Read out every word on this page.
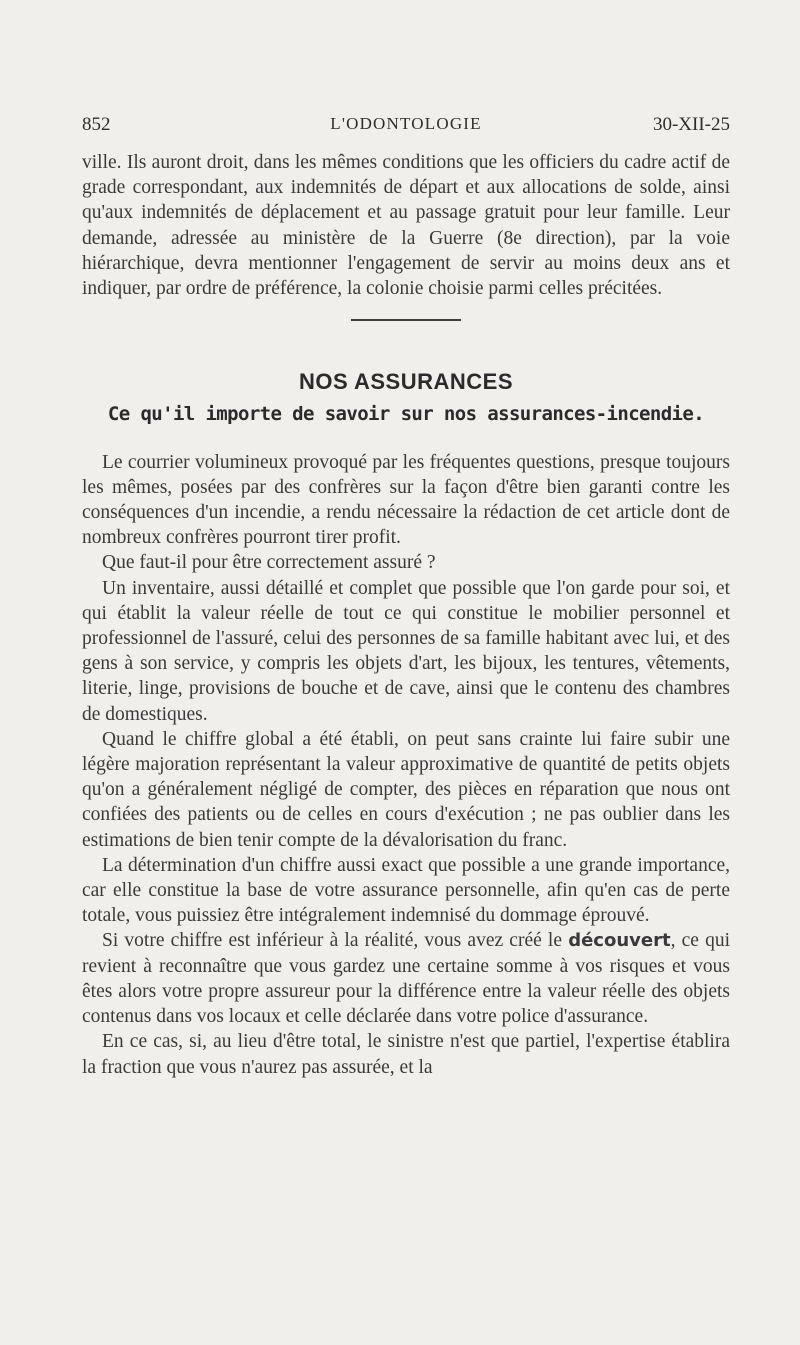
852	L'ODONTOLOGIE	30-XII-25

ville. Ils auront droit, dans les mêmes conditions que les officiers du cadre actif de grade correspondant, aux indemnités de départ et aux allocations de solde, ainsi qu'aux indemnités de déplacement et au passage gratuit pour leur famille. Leur demande, adressée au ministère de la Guerre (8e direction), par la voie hiérarchique, devra mentionner l'engagement de servir au moins deux ans et indiquer, par ordre de préférence, la colonie choisie parmi celles précitées.

NOS ASSURANCES
Ce qu'il importe de savoir sur nos assurances-incendie.

Le courrier volumineux provoqué par les fréquentes questions, presque toujours les mêmes, posées par des confrères sur la façon d'être bien garanti contre les conséquences d'un incendie, a rendu nécessaire la rédaction de cet article dont de nombreux confrères pourront tirer profit.

Que faut-il pour être correctement assuré ?

Un inventaire, aussi détaillé et complet que possible que l'on garde pour soi, et qui établit la valeur réelle de tout ce qui constitue le mobilier personnel et professionnel de l'assuré, celui des personnes de sa famille habitant avec lui, et des gens à son service, y compris les objets d'art, les bijoux, les tentures, vêtements, literie, linge, provisions de bouche et de cave, ainsi que le contenu des chambres de domestiques.

Quand le chiffre global a été établi, on peut sans crainte lui faire subir une légère majoration représentant la valeur approximative de quantité de petits objets qu'on a généralement négligé de compter, des pièces en réparation que nous ont confiées des patients ou de celles en cours d'exécution ; ne pas oublier dans les estimations de bien tenir compte de la dévalorisation du franc.

La détermination d'un chiffre aussi exact que possible a une grande importance, car elle constitue la base de votre assurance personnelle, afin qu'en cas de perte totale, vous puissiez être intégralement indemnisé du dommage éprouvé.

Si votre chiffre est inférieur à la réalité, vous avez créé le découvert, ce qui revient à reconnaître que vous gardez une certaine somme à vos risques et vous êtes alors votre propre assureur pour la différence entre la valeur réelle des objets contenus dans vos locaux et celle déclarée dans votre police d'assurance.

En ce cas, si, au lieu d'être total, le sinistre n'est que partiel, l'expertise établira la fraction que vous n'aurez pas assurée, et la
